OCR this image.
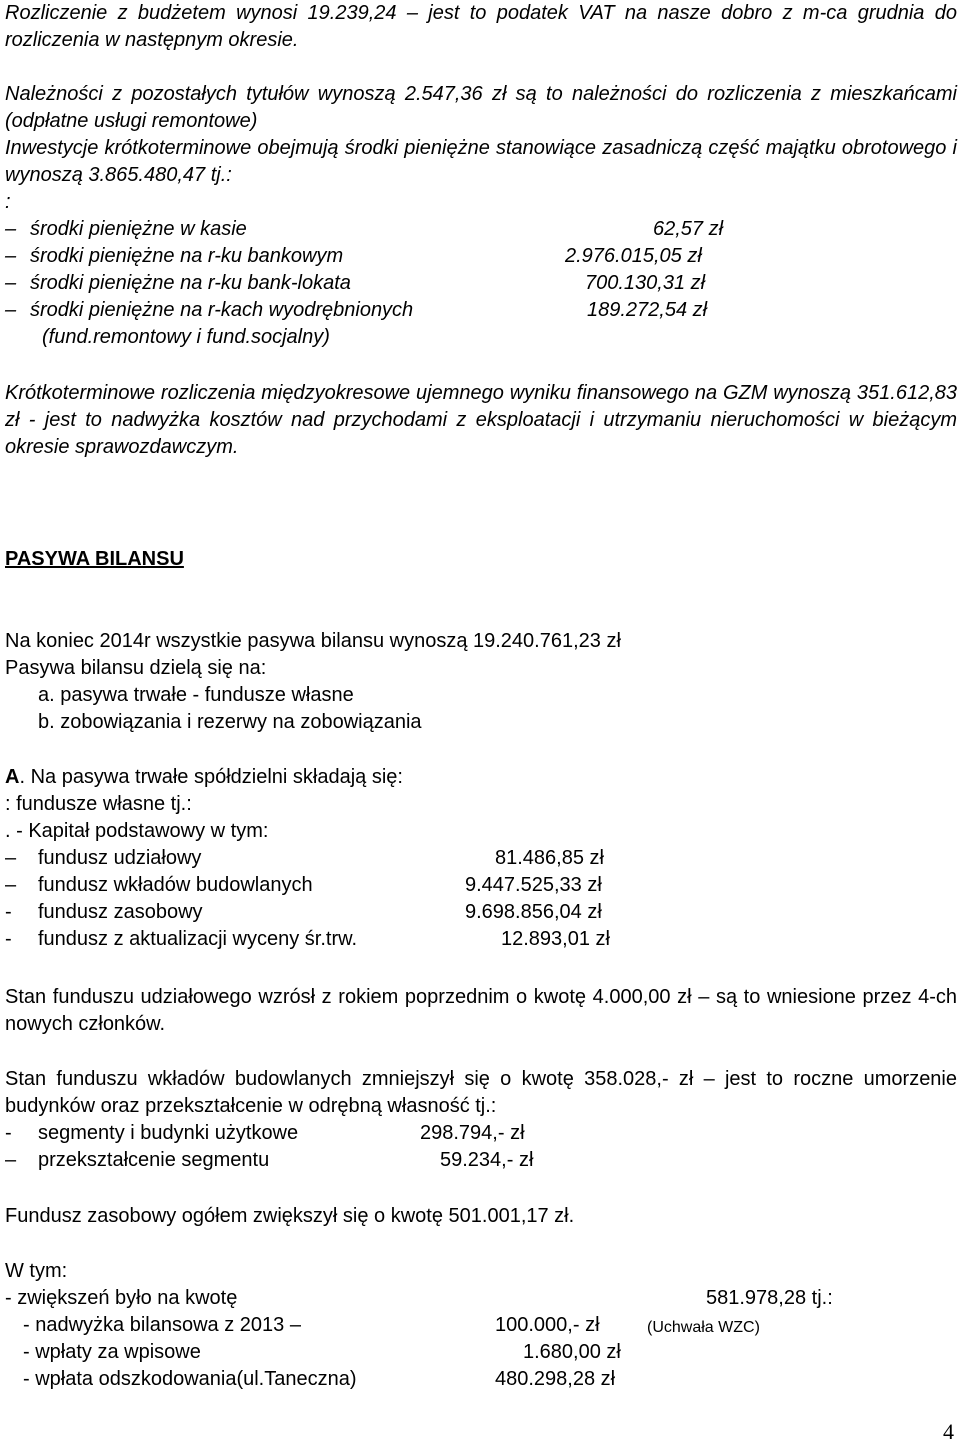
Rozliczenie z budżetem wynosi 19.239,24 – jest to podatek VAT na nasze dobro z m-ca grudnia do rozliczenia w następnym okresie.

Należności z pozostałych tytułów wynoszą 2.547,36 zł są to należności do rozliczenia z mieszkańcami (odpłatne usługi remontowe)

Inwestycje krótkoterminowe obejmują środki pieniężne stanowiące zasadniczą część majątku obrotowego i wynoszą 3.865.480,47 tj.:

:

– środki pieniężne w kasie	62,57 zł
– środki pieniężne na r-ku bankowym	2.976.015,05 zł
– środki pieniężne na r-ku bank-lokata	700.130,31 zł
– środki pieniężne na r-kach wyodrębnionych	189.272,54 zł
(fund.remontowy i fund.socjalny)

Krótkoterminowe rozliczenia międzyokresowe ujemnego wyniku finansowego na GZM wynoszą 351.612,83 zł - jest to nadwyżka kosztów nad przychodami z eksploatacji i utrzymaniu nieruchomości w bieżącym okresie sprawozdawczym.

PASYWA BILANSU

Na koniec 2014r wszystkie pasywa bilansu wynoszą 19.240.761,23 zł

Pasywa bilansu dzielą się na:

a. pasywa trwałe - fundusze własne

b. zobowiązania i rezerwy na zobowiązania

A. Na pasywa trwałe spółdzielni składają się:

: fundusze własne tj.:

. - Kapitał podstawowy w tym:

– fundusz udziałowy	81.486,85 zł
– fundusz wkładów budowlanych	9.447.525,33 zł
- fundusz zasobowy	9.698.856,04 zł
- fundusz z aktualizacji wyceny śr.trw.	12.893,01 zł

Stan funduszu udziałowego wzrósł z rokiem poprzednim o kwotę 4.000,00 zł – są to wniesione przez 4-ch nowych członków.

Stan funduszu wkładów budowlanych zmniejszył się o kwotę 358.028,- zł – jest to roczne umorzenie budynków oraz przekształcenie w odrębną własność tj.:

- segmenty i budynki użytkowe	298.794,- zł
– przekształcenie segmentu	59.234,- zł

Fundusz zasobowy ogółem zwiększył się o kwotę 501.001,17 zł.

W tym:

- zwiększeń było na kwotę	581.978,28 tj.:
- nadwyżka bilansowa z 2013 –	100.000,- zł	(Uchwała WZC)
- wpłaty za wpisowe	1.680,00 zł
- wpłata odszkodowania(ul.Taneczna)	480.298,28 zł
4
